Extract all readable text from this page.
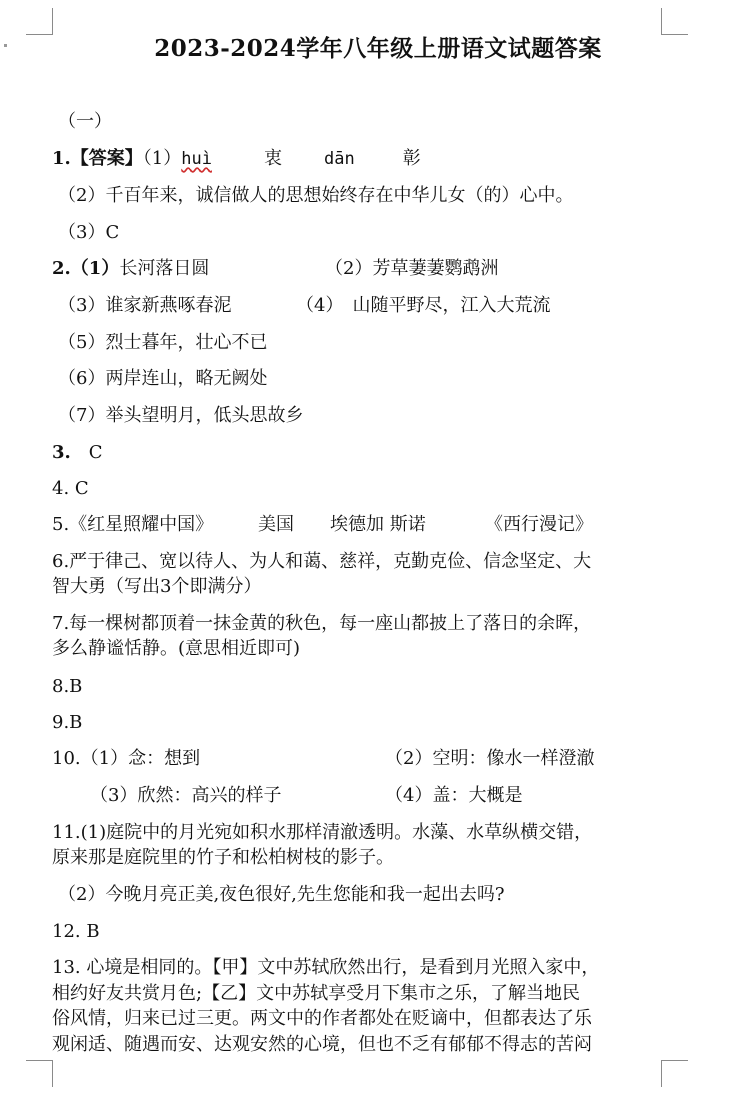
2023-2024学年八年级上册语文试题答案
（一）
1.【答案】（1）huì	衷 dān	彰
（2）千百年来，诚信做人的思想始终存在中华儿女（的）心中。
（3）C
2.（1）长河落日圆	（2）芳草萋萋鹦鹉洲
（3）谁家新燕啄春泥	（4）　山随平野尽，江入大荒流
（5）烈士暮年，壮心不已
（6）两岸连山，略无阙处
（7）举头望明月，低头思故乡
3.  C
4. C
5.《红星照耀中国》 美国 埃德加 斯诺	《西行漫记》
6.严于律己、宽以待人、为人和蔼、慈祥，克勤克俭、信念坚定、大
智大勇（写出3个即满分）
7.每一棵树都顶着一抹金黄的秋色，每一座山都披上了落日的余晖，
多么静谧恬静。(意思相近即可)
8.B
9.B
10.（1）念：想到	（2）空明：像水一样澄澈
（3）欣然：高兴的样子	（4）盖：大概是
11.(1)庭院中的月光宛如积水那样清澈透明。水藻、水草纵横交错，
原来那是庭院里的竹子和松柏树枝的影子。
（2）今晚月亮正美,夜色很好,先生您能和我一起出去吗?
12. B
13. 心境是相同的。【甲】文中苏轼欣然出行，是看到月光照入家中，
相约好友共赏月色;【乙】文中苏轼享受月下集市之乐，了解当地民
俗风情，归来已过三更。两文中的作者都处在贬谪中，但都表达了乐
观闲适、随遇而安、达观安然的心境，但也不乏有郁郁不得志的苦闷
